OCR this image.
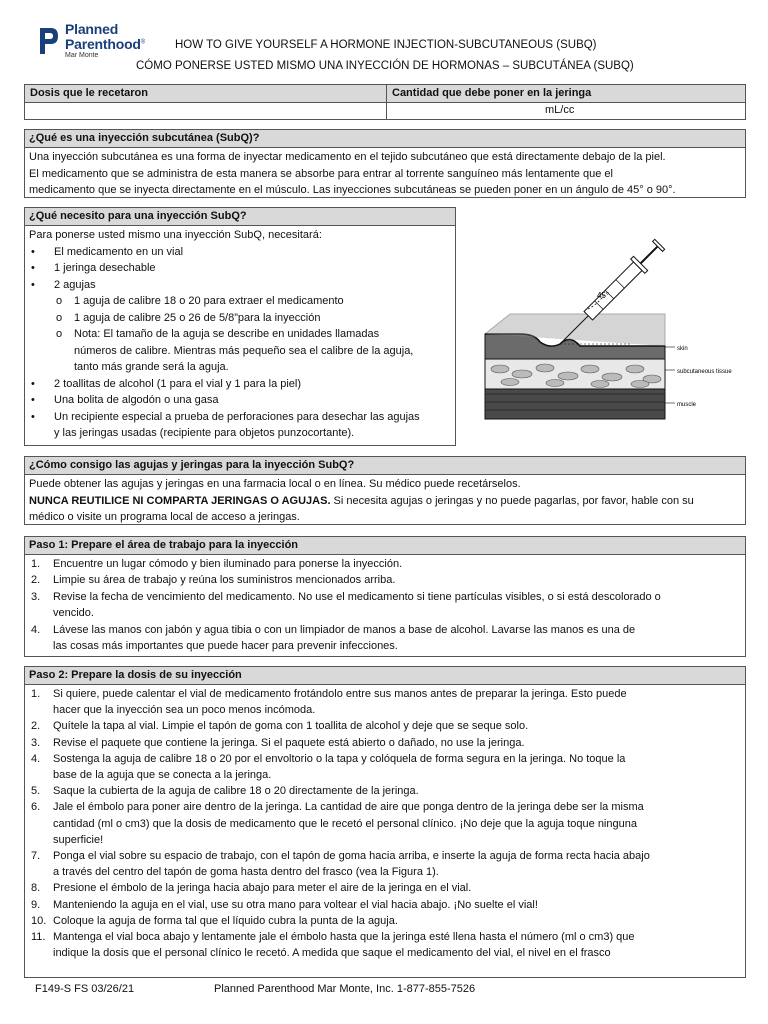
Planned
Parenthood®
Mar Monte
HOW TO GIVE YOURSELF A HORMONE INJECTION-SUBCUTANEOUS (SUBQ)
CÓMO PONERSE USTED MISMO UNA INYECCIÓN DE HORMONAS – SUBCUTÁNEA (SUBQ)
Dosis que le recetaron	Cantidad que debe poner en la jeringa
mL/cc
¿Qué es una inyección subcutánea (SubQ)?
Una inyección subcutánea es una forma de inyectar medicamento en el tejido subcutáneo que está directamente debajo de la piel.
El medicamento que se administra de esta manera se absorbe para entrar al torrente sanguíneo más lentamente que el
medicamento que se inyecta directamente en el músculo. Las inyecciones subcutáneas se pueden poner en un ángulo de 45° o 90°.
¿Qué necesito para una inyección SubQ?
Para ponerse usted mismo una inyección SubQ, necesitará:
• El medicamento en un vial
• 1 jeringa desechable
• 2 agujas
o 1 aguja de calibre 18 o 20 para extraer el medicamento
o 1 aguja de calibre 25 o 26 de 5/8”para la inyección
o Nota: El tamaño de la aguja se describe en unidades llamadas
números de calibre. Mientras más pequeño sea el calibre de la aguja,
tanto más grande será la aguja.
• 2 toallitas de alcohol (1 para el vial y 1 para la piel)
• Una bolita de algodón o una gasa
• Un recipiente especial a prueba de perforaciones para desechar las agujas
y las jeringas usadas (recipiente para objetos punzocortante).
45°
skin
subcutaneous tissue
muscle
¿Cómo consigo las agujas y jeringas para la inyección SubQ?
Puede obtener las agujas y jeringas en una farmacia local o en línea. Su médico puede recetárselos.
NUNCA REUTILICE NI COMPARTA JERINGAS O AGUJAS. Si necesita agujas o jeringas y no puede pagarlas, por favor, hable con su
médico o visite un programa local de acceso a jeringas.
Paso 1: Prepare el área de trabajo para la inyección
1. Encuentre un lugar cómodo y bien iluminado para ponerse la inyección.
2. Limpie su área de trabajo y reúna los suministros mencionados arriba.
3. Revise la fecha de vencimiento del medicamento. No use el medicamento si tiene partículas visibles, o si está descolorado o
vencido.
4. Lávese las manos con jabón y agua tibia o con un limpiador de manos a base de alcohol. Lavarse las manos es una de
las cosas más importantes que puede hacer para prevenir infecciones.
Paso 2: Prepare la dosis de su inyección
1. Si quiere, puede calentar el vial de medicamento frotándolo entre sus manos antes de preparar la jeringa. Esto puede
hacer que la inyección sea un poco menos incómoda.
2. Quítele la tapa al vial. Limpie el tapón de goma con 1 toallita de alcohol y deje que se seque solo.
3. Revise el paquete que contiene la jeringa. Si el paquete está abierto o dañado, no use la jeringa.
4. Sostenga la aguja de calibre 18 o 20 por el envoltorio o la tapa y colóquela de forma segura en la jeringa. No toque la
base de la aguja que se conecta a la jeringa.
5. Saque la cubierta de la aguja de calibre 18 o 20 directamente de la jeringa.
6. Jale el émbolo para poner aire dentro de la jeringa. La cantidad de aire que ponga dentro de la jeringa debe ser la misma
cantidad (ml o cm3) que la dosis de medicamento que le recetó el personal clínico. ¡No deje que la aguja toque ninguna
superficie!
7. Ponga el vial sobre su espacio de trabajo, con el tapón de goma hacia arriba, e inserte la aguja de forma recta hacia abajo
a través del centro del tapón de goma hasta dentro del frasco (vea la Figura 1).
8. Presione el émbolo de la jeringa hacia abajo para meter el aire de la jeringa en el vial.
9. Manteniendo la aguja en el vial, use su otra mano para voltear el vial hacia abajo. ¡No suelte el vial!
10. Coloque la aguja de forma tal que el líquido cubra la punta de la aguja.
11. Mantenga el vial boca abajo y lentamente jale el émbolo hasta que la jeringa esté llena hasta el número (ml o cm3) que
indique la dosis que el personal clínico le recetó. A medida que saque el medicamento del vial, el nivel en el frasco
F149-S FS 03/26/21	Planned Parenthood Mar Monte, Inc. 1-877-855-7526
